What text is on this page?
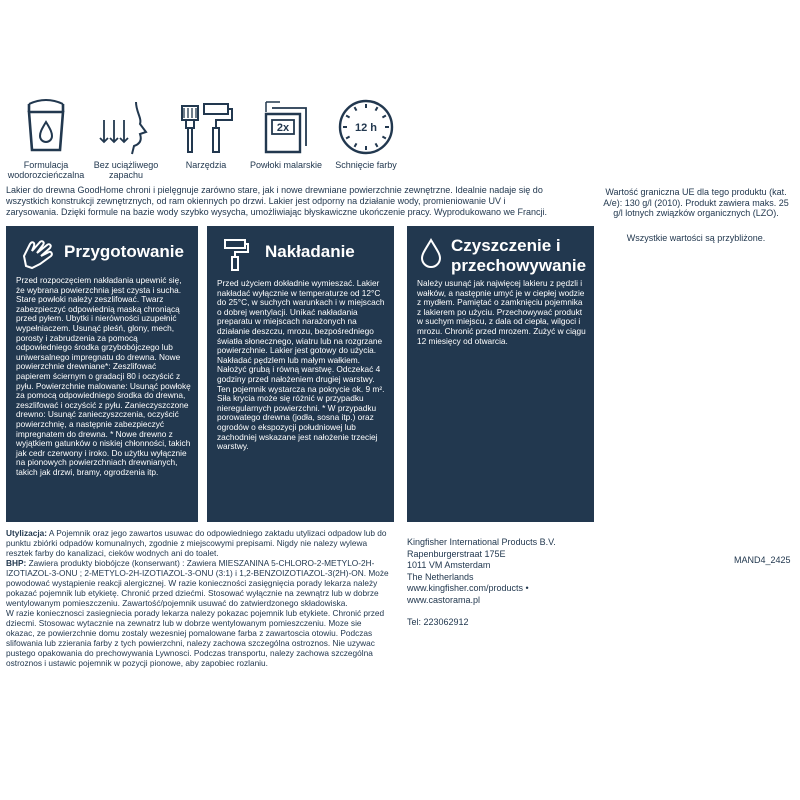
Formulacja
wodorozcieńczalna
Bez uciążliwego
zapachu
Narzędzia
2x
Powłoki malarskie
12 h
Schnięcie farby

Lakier do drewna GoodHome chroni i pielęgnuje zarówno stare, jak i nowe drewniane powierzchnie zewnętrzne. Idealnie nadaje się do wszystkich konstrukcji zewnętrznych, od ram okiennych po drzwi. Lakier jest odporny na działanie wody, promieniowanie UV i zarysowania. Dzięki formule na bazie wody szybko wysycha, umożliwiając błyskawiczne ukończenie pracy. Wyprodukowano we Francji.

Wartość graniczna UE dla tego produktu (kat. A/e): 130 g/l (2010). Produkt zawiera maks. 25 g/l lotnych związków organicznych (LZO).

Wszystkie wartości są przybliżone.

Przygotowanie

Przed rozpoczęciem nakładania upewnić się, że wybrana powierzchnia jest czysta i sucha. Stare powłoki należy zeszlifować. Twarz zabezpieczyć odpowiednią maską chroniącą przed pyłem. Ubytki i nierówności uzupełnić wypełniaczem. Usunąć pleśń, glony, mech, porosty i zabrudzenia za pomocą odpowiedniego środka grzybobójczego lub uniwersalnego impregnatu do drewna. Nowe powierzchnie drewniane*: Zeszlifować papierem ściernym o gradacji 80 i oczyścić z pyłu. Powierzchnie malowane: Usunąć powłokę za pomocą odpowiedniego środka do drewna, zeszlifować i oczyścić z pyłu. Zanieczyszczone drewno: Usunąć zanieczyszczenia, oczyścić powierzchnię, a następnie zabezpieczyć impregnatem do drewna. * Nowe drewno z wyjątkiem gatunków o niskiej chłonności, takich jak cedr czerwony i iroko. Do użytku wyłącznie na pionowych powierzchniach drewnianych, takich jak drzwi, bramy, ogrodzenia itp.

Nakładanie

Przed użyciem dokładnie wymieszać. Lakier nakładać wyłącznie w temperaturze od 12°C do 25°C, w suchych warunkach i w miejscach o dobrej wentylacji. Unikać nakładania preparatu w miejscach narażonych na działanie deszczu, mrozu, bezpośredniego światła słonecznego, wiatru lub na rozgrzane powierzchnie. Lakier jest gotowy do użycia. Nakładać pędzlem lub małym wałkiem. Nałożyć grubą i równą warstwę. Odczekać 4 godziny przed nałożeniem drugiej warstwy. Ten pojemnik wystarcza na pokrycie ok. 9 m². Siła krycia może się różnić w przypadku nieregularnych powierzchni. * W przypadku porowatego drewna (jodła, sosna itp.) oraz ogrodów o ekspozycji południowej lub zachodniej wskazane jest nałożenie trzeciej warstwy.

Czyszczenie i
przechowywanie

Należy usunąć jak najwięcej lakieru z pędzli i wałków, a następnie umyć je w ciepłej wodzie z mydłem. Pamiętać o zamknięciu pojemnika z lakierem po użyciu. Przechowywać produkt w suchym miejscu, z dala od ciepła, wilgoci i mrozu. Chronić przed mrozem. Zużyć w ciągu 12 miesięcy od otwarcia.

Utylizacja: A Pojemnik oraz jego zawartos usuwac do odpowiedniego zaktadu utylizaci odpadow lub do punktu zbiórki odpadów komunalnych, zgodnie z miejscowymi prepisami. Nigdy nie nalezy wylewa resztek farby do kanalizaci, cieków wodnych ani do toalet.

BHP: Zawiera produkty biobójcze (konserwant) : Zawiera MIESZANINA 5-CHLORO-2-METYLO-2H-IZOTIAZOL-3-ONU ; 2-METYLO-2H-IZOTIAZOL-3-ONU (3:1) i 1,2-BENZOIZOTIAZOL-3(2H)-ON. Może powodować wystąpienie reakcji alergicznej. W razie konieczności zasięgnięcia porady lekarza należy pokazać pojemnik lub etykietę. Chronić przed dziećmi. Stosować wyłącznie na zewnątrz lub w dobrze wentylowanym pomieszczeniu. Zawartość/pojemnik usuwać do zatwierdzonego składowiska.

W razie koniecznosci zasiegniecia porady lekarza nalezy pokazac pojemnik lub etykiete. Chronić przed dziecmi. Stosowac wytacznie na zewnatrz lub w dobrze wentylowanym pomieszczeniu. Moze sie okazac, ze powierzchnie domu zostaly wezesniej pomalowane farba z zawartoscia otowiu. Podczas slifowania lub zzierania farby z tych powierzchni, nalezy zachowa szczególna ostroznos. Nie uzywac pustego opakowania do prechowywania Lywnosci. Podczas transportu, nalezy zachowa szczególna ostroznos i ustawic pojemnik w pozycji pionowe, aby zapobiec rozlaniu.

Kingfisher International Products B.V.
Rapenburgerstraat 175E
1011 VM Amsterdam
The Netherlands
www.kingfisher.com/products •
www.castorama.pl
Tel: 223062912
MAND4_2425
